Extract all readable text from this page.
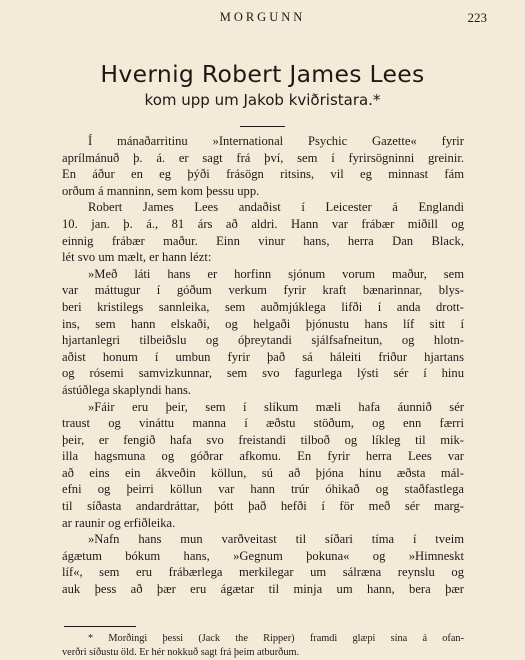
MORGUNN	223
Hvernig Robert James Lees
kom upp um Jakob kviðristara.*
Í mánaðarritinu »International Psychic Gazette« fyrir
aprílmánuð þ. á. er sagt frá því, sem í fyrirsögninni greinir.
En áður en eg þýði frásögn ritsins, vil eg minnast fám
orðum á manninn, sem kom þessu upp.
Robert James Lees andaðist í Leicester á Englandi
10. jan. þ. á., 81 árs að aldri. Hann var frábær miðill og
einnig frábær maður. Einn vinur hans, herra Dan Black,
lét svo um mælt, er hann lézt:
»Með láti hans er horfinn sjónum vorum maður, sem
var máttugur í góðum verkum fyrir kraft bænarinnar, blys-
beri kristilegs sannleika, sem auðmjúklega lifði í anda drott-
ins, sem hann elskaði, og helgaði þjónustu hans líf sitt í
hjartanlegri tilbeiðslu og óþreytandi sjálfsafneitun, og hlotn-
aðist honum í umbun fyrir það sá háleiti friður hjartans
og rósemi samvizkunnar, sem svo fagurlega lýsti sér í hinu
ástúðlega skaplyndi hans.
»Fáir eru þeir, sem í slíkum mæli hafa áunnið sér
traust og vináttu manna í æðstu stöðum, og enn færri
þeir, er fengið hafa svo freistandi tilboð og líkleg til mik-
illa hagsmuna og góðrar afkomu. En fyrir herra Lees var
að eins ein ákveðin köllun, sú að þjóna hinu æðsta mál-
efni og þeirri köllun var hann trúr óhikað og staðfastlega
til síðasta andardráttar, þótt það hefði í för með sér marg-
ar raunir og erfiðleika.
»Nafn hans mun varðveitast til síðari tíma í tveim
ágætum bókum hans, »Gegnum þokuna« og »Himneskt
líf«, sem eru frábærlega merkilegar um sálræna reynslu og
auk þess að þær eru ágætar til minja um hann, bera þær
* Morðingi þessi (Jack the Ripper) framdi glæpi sína á ofan-
verðri síðustu öld. Er hér nokkuð sagt frá þeim atburðum.
